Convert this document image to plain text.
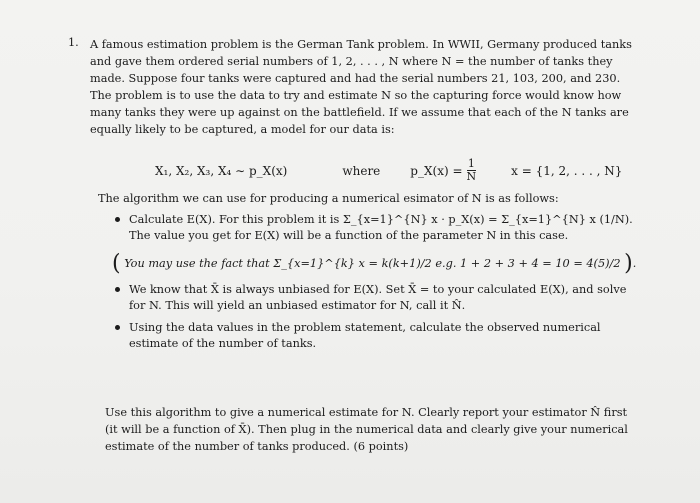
1. A famous estimation problem is the German Tank problem. In WWII, Germany produced tanks and gave them ordered serial numbers of 1, 2, . . . , N where N = the number of tanks they made. Suppose four tanks were captured and had the serial numbers 21, 103, 200, and 230. The problem is to use the data to try and estimate N so the capturing force would know how many tanks they were up against on the battlefield. If we assume that each of the N tanks are equally likely to be captured, a model for our data is:
X₁, X₂, X₃, X₄ ∼ p_X(x)	where	p_X(x) = $\frac{1}{N}$	x = {1, 2, . . . , N}
The algorithm we can use for producing a numerical esimator of N is as follows:
Calculate E(X). For this problem it is Σ_{x=1}^{N} x · p_X(x) = Σ_{x=1}^{N} x (1/N). The value you get for E(X) will be a function of the parameter N in this case.
( You may use the fact that Σ_{x=1}^{k} x = k(k+1)/2 e.g. 1 + 2 + 3 + 4 = 10 = 4(5)/2 ).
We know that X̄ is always unbiased for E(X). Set X̄ = to your calculated E(X), and solve for N. This will yield an unbiased estimator for N, call it N̂.
Using the data values in the problem statement, calculate the observed numerical estimate of the number of tanks.
Use this algorithm to give a numerical estimate for N. Clearly report your estimator N̂ first (it will be a function of X̄). Then plug in the numerical data and clearly give your numerical estimate of the number of tanks produced. (6 points)
